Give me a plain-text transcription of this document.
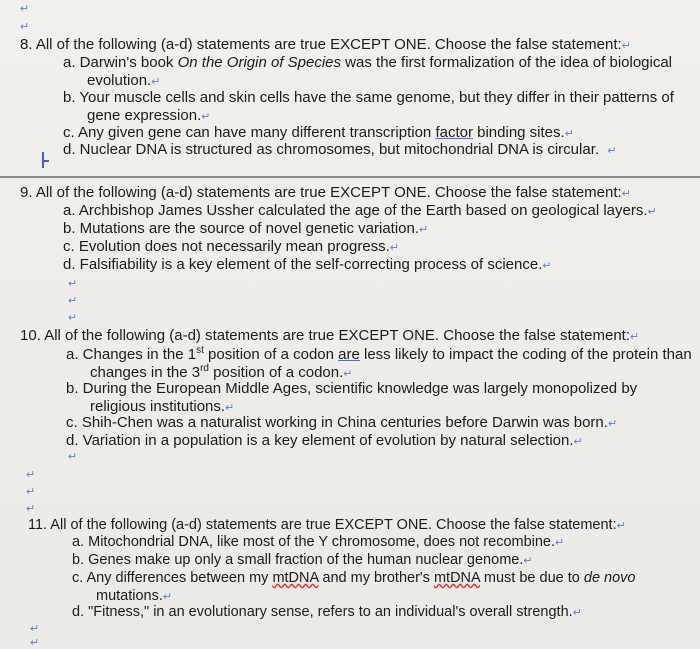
↵
↵
8. All of the following (a-d) statements are true EXCEPT ONE. Choose the false statement:↵
a. Darwin's book On the Origin of Species was the first formalization of the idea of biological
evolution.↵
b. Your muscle cells and skin cells have the same genome, but they differ in their patterns of
gene expression.↵
c. Any given gene can have many different transcription factor binding sites.↵
d. Nuclear DNA is structured as chromosomes, but mitochondrial DNA is circular. ↵
9. All of the following (a-d) statements are true EXCEPT ONE. Choose the false statement:↵
a. Archbishop James Ussher calculated the age of the Earth based on geological layers.↵
b. Mutations are the source of novel genetic variation.↵
c. Evolution does not necessarily mean progress.↵
d. Falsifiability is a key element of the self-correcting process of science.↵
↵
↵
↵
10. All of the following (a-d) statements are true EXCEPT ONE. Choose the false statement:↵
a. Changes in the 1st position of a codon are less likely to impact the coding of the protein than
changes in the 3rd position of a codon.↵
b. During the European Middle Ages, scientific knowledge was largely monopolized by
religious institutions.↵
c. Shih-Chen was a naturalist working in China centuries before Darwin was born.↵
d. Variation in a population is a key element of evolution by natural selection.↵
↵
↵
↵
↵
11. All of the following (a-d) statements are true EXCEPT ONE. Choose the false statement:↵
a. Mitochondrial DNA, like most of the Y chromosome, does not recombine.↵
b. Genes make up only a small fraction of the human nuclear genome.↵
c. Any differences between my mtDNA and my brother's mtDNA must be due to de novo
mutations.↵
d. "Fitness," in an evolutionary sense, refers to an individual's overall strength.↵
↵
↵
